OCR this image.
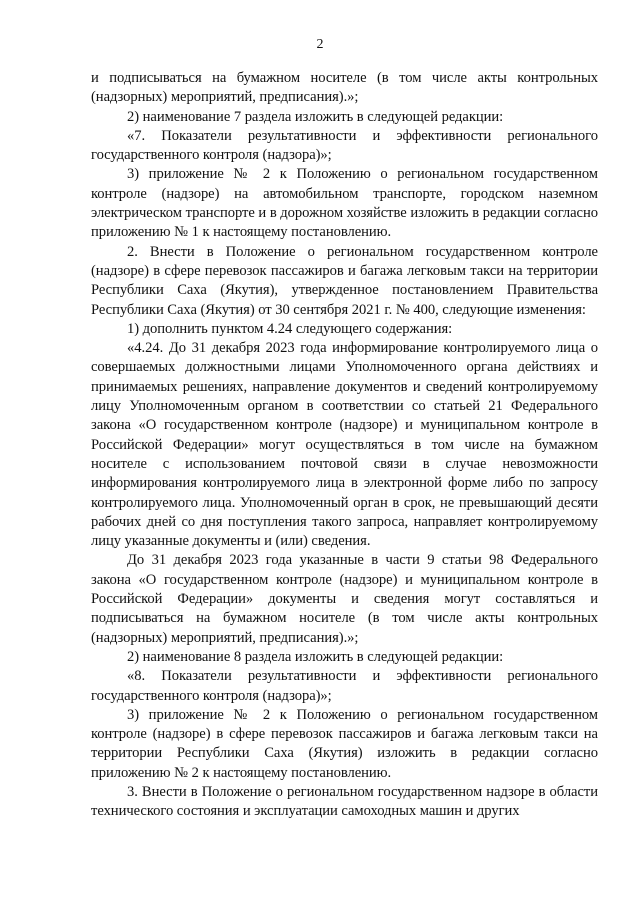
2

и подписываться на бумажном носителе (в том числе акты контрольных (надзорных) мероприятий, предписания).»;

2) наименование 7 раздела изложить в следующей редакции:

«7. Показатели результативности и эффективности регионального государственного контроля (надзора)»;

3) приложение № 2 к Положению о региональном государственном контроле (надзоре) на автомобильном транспорте, городском наземном электрическом транспорте и в дорожном хозяйстве изложить в редакции согласно приложению № 1 к настоящему постановлению.

2. Внести в Положение о региональном государственном контроле (надзоре) в сфере перевозок пассажиров и багажа легковым такси на территории Республики Саха (Якутия), утвержденное постановлением Правительства Республики Саха (Якутия) от 30 сентября 2021 г. № 400, следующие изменения:

1) дополнить пунктом 4.24 следующего содержания:

«4.24. До 31 декабря 2023 года информирование контролируемого лица о совершаемых должностными лицами Уполномоченного органа действиях и принимаемых решениях, направление документов и сведений контролируемому лицу Уполномоченным органом в соответствии со статьей 21 Федерального закона «О государственном контроле (надзоре) и муниципальном контроле в Российской Федерации» могут осуществляться в том числе на бумажном носителе с использованием почтовой связи в случае невозможности информирования контролируемого лица в электронной форме либо по запросу контролируемого лица. Уполномоченный орган в срок, не превышающий десяти рабочих дней со дня поступления такого запроса, направляет контролируемому лицу указанные документы и (или) сведения.

До 31 декабря 2023 года указанные в части 9 статьи 98 Федерального закона «О государственном контроле (надзоре) и муниципальном контроле в Российской Федерации» документы и сведения могут составляться и подписываться на бумажном носителе (в том числе акты контрольных (надзорных) мероприятий, предписания).»;

2) наименование 8 раздела изложить в следующей редакции:

«8. Показатели результативности и эффективности регионального государственного контроля (надзора)»;

3) приложение № 2 к Положению о региональном государственном контроле (надзоре) в сфере перевозок пассажиров и багажа легковым такси на территории Республики Саха (Якутия) изложить в редакции согласно приложению № 2 к настоящему постановлению.

3. Внести в Положение о региональном государственном надзоре в области технического состояния и эксплуатации самоходных машин и других
